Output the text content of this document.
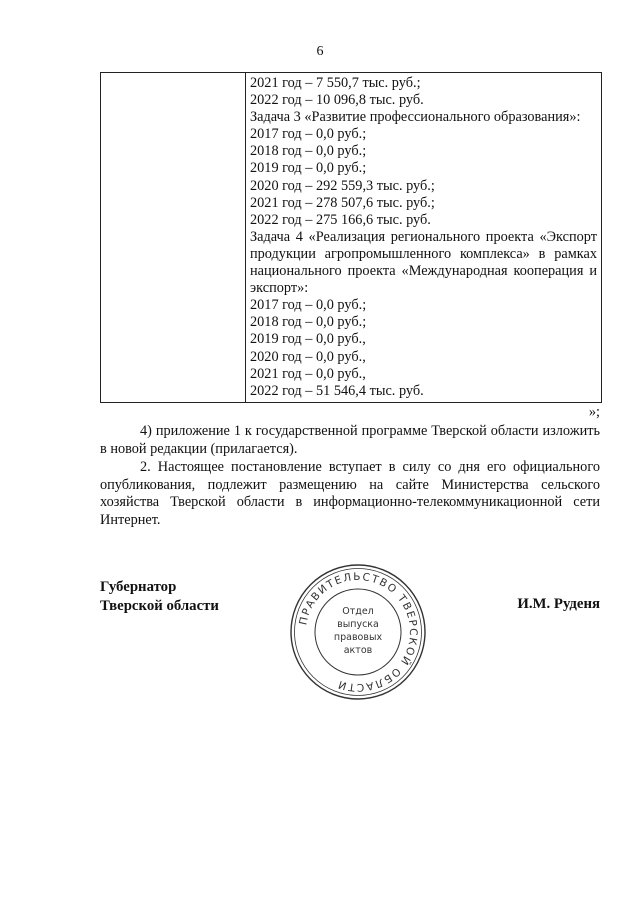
6

2021 год – 7 550,7 тыс. руб.;
2022 год – 10 096,8 тыс. руб.
Задача 3 «Развитие профессионального образования»:
2017 год – 0,0 руб.;
2018 год – 0,0 руб.;
2019 год – 0,0 руб.;
2020 год – 292 559,3 тыс. руб.;
2021 год – 278 507,6 тыс. руб.;
2022 год – 275 166,6 тыс. руб.
Задача 4 «Реализация регионального проекта «Экспорт продукции агропромышленного комплекса» в рамках национального проекта «Международная кооперация и экспорт»:
2017 год – 0,0 руб.;
2018 год – 0,0 руб.;
2019 год – 0,0 руб.,
2020 год – 0,0 руб.,
2021 год – 0,0 руб.,
2022 год – 51 546,4 тыс. руб.
»;
4) приложение 1 к государственной программе Тверской области изложить в новой редакции (прилагается).
2. Настоящее постановление вступает в силу со дня его официального опубликования, подлежит размещению на сайте Министерства сельского хозяйства Тверской области в информационно-телекоммуникационной сети Интернет.
Губернатор
Тверской области
ПРАВИТЕЛЬСТВО ТВЕРСКОЙ ОБЛАСТИ
Отдел
выпуска
правовых
актов
И.М. Руденя
